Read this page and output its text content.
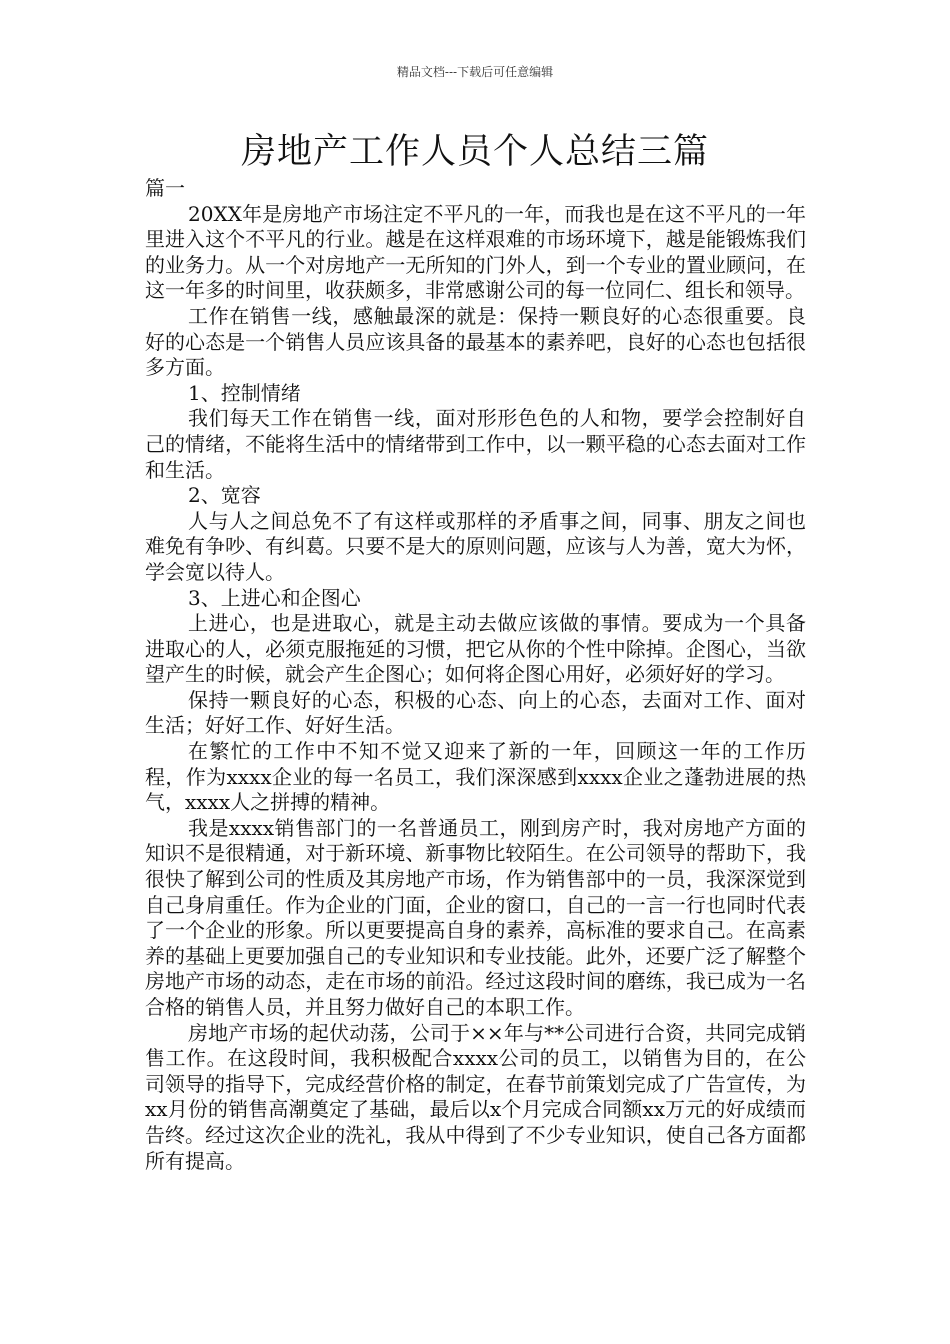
精品文档---下载后可任意编辑
房地产工作人员个人总结三篇

篇一

20XX年是房地产市场注定不平凡的一年，而我也是在这不平凡的一年里进入这个不平凡的行业。越是在这样艰难的市场环境下，越是能锻炼我们的业务力。从一个对房地产一无所知的门外人，到一个专业的置业顾问，在这一年多的时间里，收获颇多，非常感谢公司的每一位同仁、组长和领导。

工作在销售一线，感触最深的就是：保持一颗良好的心态很重要。良好的心态是一个销售人员应该具备的最基本的素养吧，良好的心态也包括很多方面。

1、控制情绪

我们每天工作在销售一线，面对形形色色的人和物，要学会控制好自己的情绪，不能将生活中的情绪带到工作中，以一颗平稳的心态去面对工作和生活。

2、宽容

人与人之间总免不了有这样或那样的矛盾事之间，同事、朋友之间也难免有争吵、有纠葛。只要不是大的原则问题，应该与人为善，宽大为怀，学会宽以待人。

3、上进心和企图心

上进心，也是进取心，就是主动去做应该做的事情。要成为一个具备进取心的人，必须克服拖延的习惯，把它从你的个性中除掉。企图心，当欲望产生的时候，就会产生企图心；如何将企图心用好，必须好好的学习。

保持一颗良好的心态，积极的心态、向上的心态，去面对工作、面对生活；好好工作、好好生活。

在繁忙的工作中不知不觉又迎来了新的一年，回顾这一年的工作历程，作为xxxx企业的每一名员工，我们深深感到xxxx企业之蓬勃进展的热气，xxxx人之拼搏的精神。

我是xxxx销售部门的一名普通员工，刚到房产时，我对房地产方面的知识不是很精通，对于新环境、新事物比较陌生。在公司领导的帮助下，我很快了解到公司的性质及其房地产市场，作为销售部中的一员，我深深觉到自己身肩重任。作为企业的门面，企业的窗口，自己的一言一行也同时代表了一个企业的形象。所以更要提高自身的素养，高标准的要求自己。在高素养的基础上更要加强自己的专业知识和专业技能。此外，还要广泛了解整个房地产市场的动态，走在市场的前沿。经过这段时间的磨练，我已成为一名合格的销售人员，并且努力做好自己的本职工作。

房地产市场的起伏动荡，公司于××年与**公司进行合资，共同完成销售工作。在这段时间，我积极配合xxxx公司的员工，以销售为目的，在公司领导的指导下，完成经营价格的制定，在春节前策划完成了广告宣传，为xx月份的销售高潮奠定了基础，最后以x个月完成合同额xx万元的好成绩而告终。经过这次企业的洗礼，我从中得到了不少专业知识，使自己各方面都所有提高。
